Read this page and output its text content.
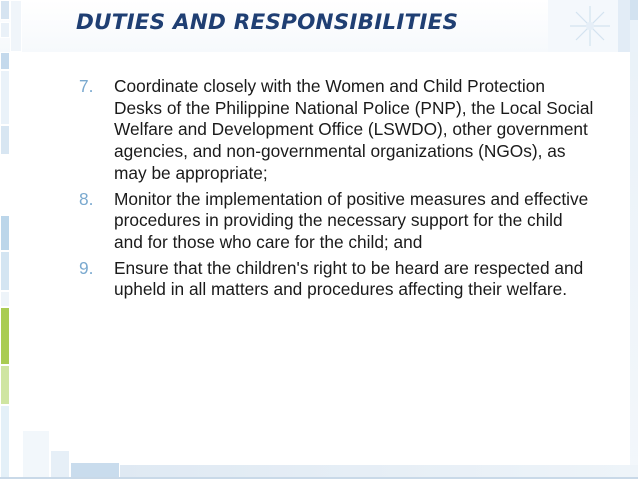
DUTIES AND RESPONSIBILITIES
7. Coordinate closely with the Women and Child Protection Desks of the Philippine National Police (PNP), the Local Social Welfare and Development Office (LSWDO), other government agencies, and non-governmental organizations (NGOs), as may be appropriate;
8. Monitor the implementation of positive measures and effective procedures in providing the necessary support for the child and for those who care for the child; and
9. Ensure that the children's right to be heard are respected and upheld in all matters and procedures affecting their welfare.
